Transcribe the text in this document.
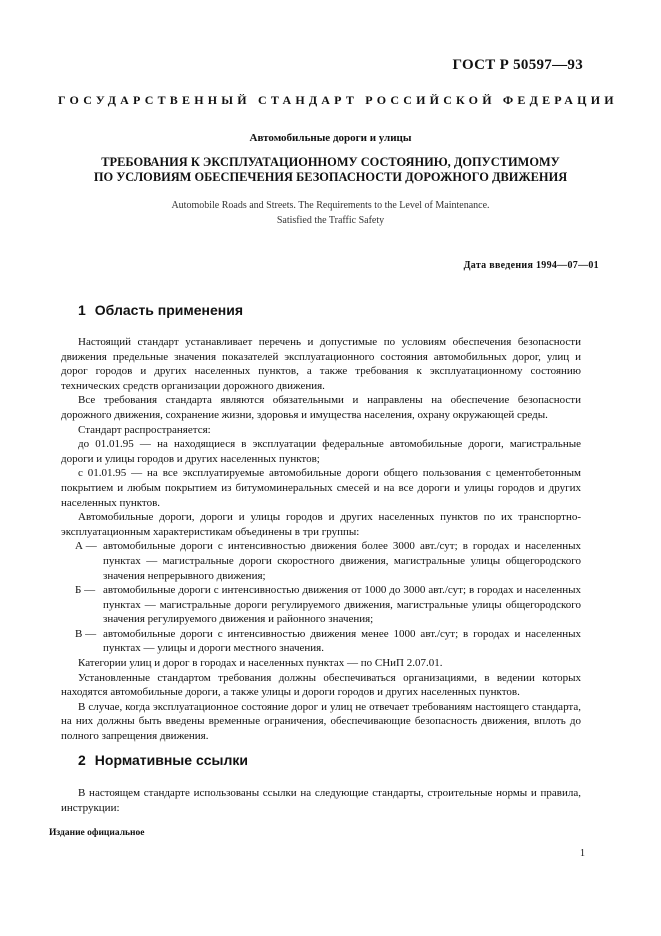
ГОСТ Р 50597—93
ГОСУДАРСТВЕННЫЙ СТАНДАРТ РОССИЙСКОЙ ФЕДЕРАЦИИ
Автомобильные дороги и улицы
ТРЕБОВАНИЯ К ЭКСПЛУАТАЦИОННОМУ СОСТОЯНИЮ, ДОПУСТИМОМУ
ПО УСЛОВИЯМ ОБЕСПЕЧЕНИЯ БЕЗОПАСНОСТИ ДОРОЖНОГО ДВИЖЕНИЯ
Automobile Roads and Streets. The Requirements to the Level of Maintenance.
Satisfied the Traffic Safety
Дата введения 1994—07—01
1 Область применения

Настоящий стандарт устанавливает перечень и допустимые по условиям обеспечения безопасности движения предельные значения показателей эксплуатационного состояния автомобильных дорог, улиц и дорог городов и других населенных пунктов, а также требования к эксплуатационному состоянию технических средств организации дорожного движения.

Все требования стандарта являются обязательными и направлены на обеспечение безопасности дорожного движения, сохранение жизни, здоровья и имущества населения, охрану окружающей среды.

Стандарт распространяется:

до 01.01.95 — на находящиеся в эксплуатации федеральные автомобильные дороги, магистральные дороги и улицы городов и других населенных пунктов;

с 01.01.95 — на все эксплуатируемые автомобильные дороги общего пользования с цементобетонным покрытием и любым покрытием из битумоминеральных смесей и на все дороги и улицы городов и других населенных пунктов.

Автомобильные дороги, дороги и улицы городов и других населенных пунктов по их транспортно-эксплуатационным характеристикам объединены в три группы:

А — автомобильные дороги с интенсивностью движения более 3000 авт./сут; в городах и населенных пунктах — магистральные дороги скоростного движения, магистральные улицы общегородского значения непрерывного движения;
Б — автомобильные дороги с интенсивностью движения от 1000 до 3000 авт./сут; в городах и населенных пунктах — магистральные дороги регулируемого движения, магистральные улицы общегородского значения регулируемого движения и районного значения;
В — автомобильные дороги с интенсивностью движения менее 1000 авт./сут; в городах и населенных пунктах — улицы и дороги местного значения.

Категории улиц и дорог в городах и населенных пунктах — по СНиП 2.07.01.

Установленные стандартом требования должны обеспечиваться организациями, в ведении которых находятся автомобильные дороги, а также улицы и дороги городов и других населенных пунктов.

В случае, когда эксплуатационное состояние дорог и улиц не отвечает требованиям настоящего стандарта, на них должны быть введены временные ограничения, обеспечивающие безопасность движения, вплоть до полного запрещения движения.

2 Нормативные ссылки

В настоящем стандарте использованы ссылки на следующие стандарты, строительные нормы и правила, инструкции:

Издание официальное
1
